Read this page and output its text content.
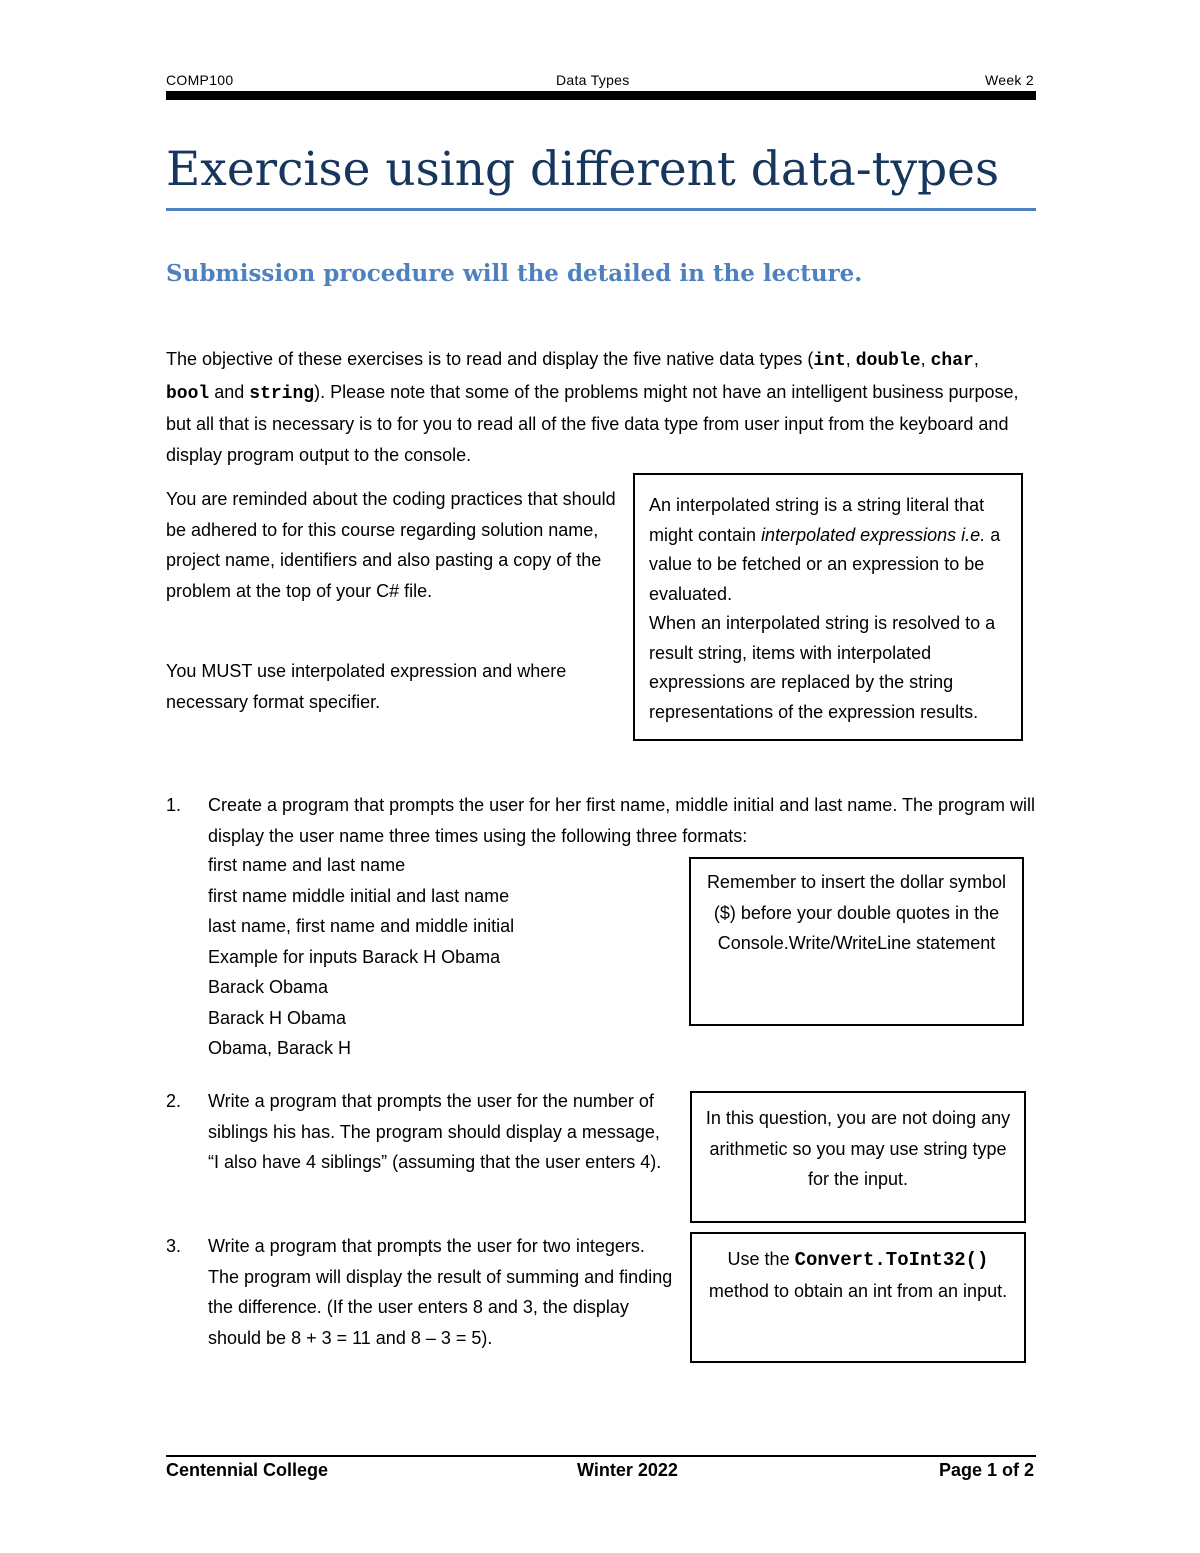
COMP100	Data Types	Week 2
Exercise using different data-types
Submission procedure will the detailed in the lecture.
The objective of these exercises is to read and display the five native data types (int, double, char, bool and string). Please note that some of the problems might not have an intelligent business purpose, but all that is necessary is to for you to read all of the five data type from user input from the keyboard and display program output to the console.
You are reminded about the coding practices that should be adhered to for this course regarding solution name, project name, identifiers and also pasting a copy of the problem at the top of your C# file.
You MUST use interpolated expression and where necessary format specifier.
An interpolated string is a string literal that might contain interpolated expressions i.e. a value to be fetched or an expression to be evaluated.
When an interpolated string is resolved to a result string, items with interpolated expressions are replaced by the string representations of the expression results.
1. Create a program that prompts the user for her first name, middle initial and last name. The program will display the user name three times using the following three formats:
first name and last name
first name middle initial and last name
last name, first name and middle initial
Example for inputs Barack H Obama
Barack Obama
Barack H Obama
Obama, Barack H
Remember to insert the dollar symbol ($) before your double quotes in the Console.Write/WriteLine statement
2. Write a program that prompts the user for the number of siblings his has. The program should display a message, “I also have 4 siblings” (assuming that the user enters 4).
In this question, you are not doing any arithmetic so you may use string type for the input.
3. Write a program that prompts the user for two integers. The program will display the result of summing and finding the difference. (If the user enters 8 and 3, the display should be 8 + 3 = 11 and 8 – 3 = 5).
Use the Convert.ToInt32() method to obtain an int from an input.
Centennial College	Winter 2022	Page 1 of 2
